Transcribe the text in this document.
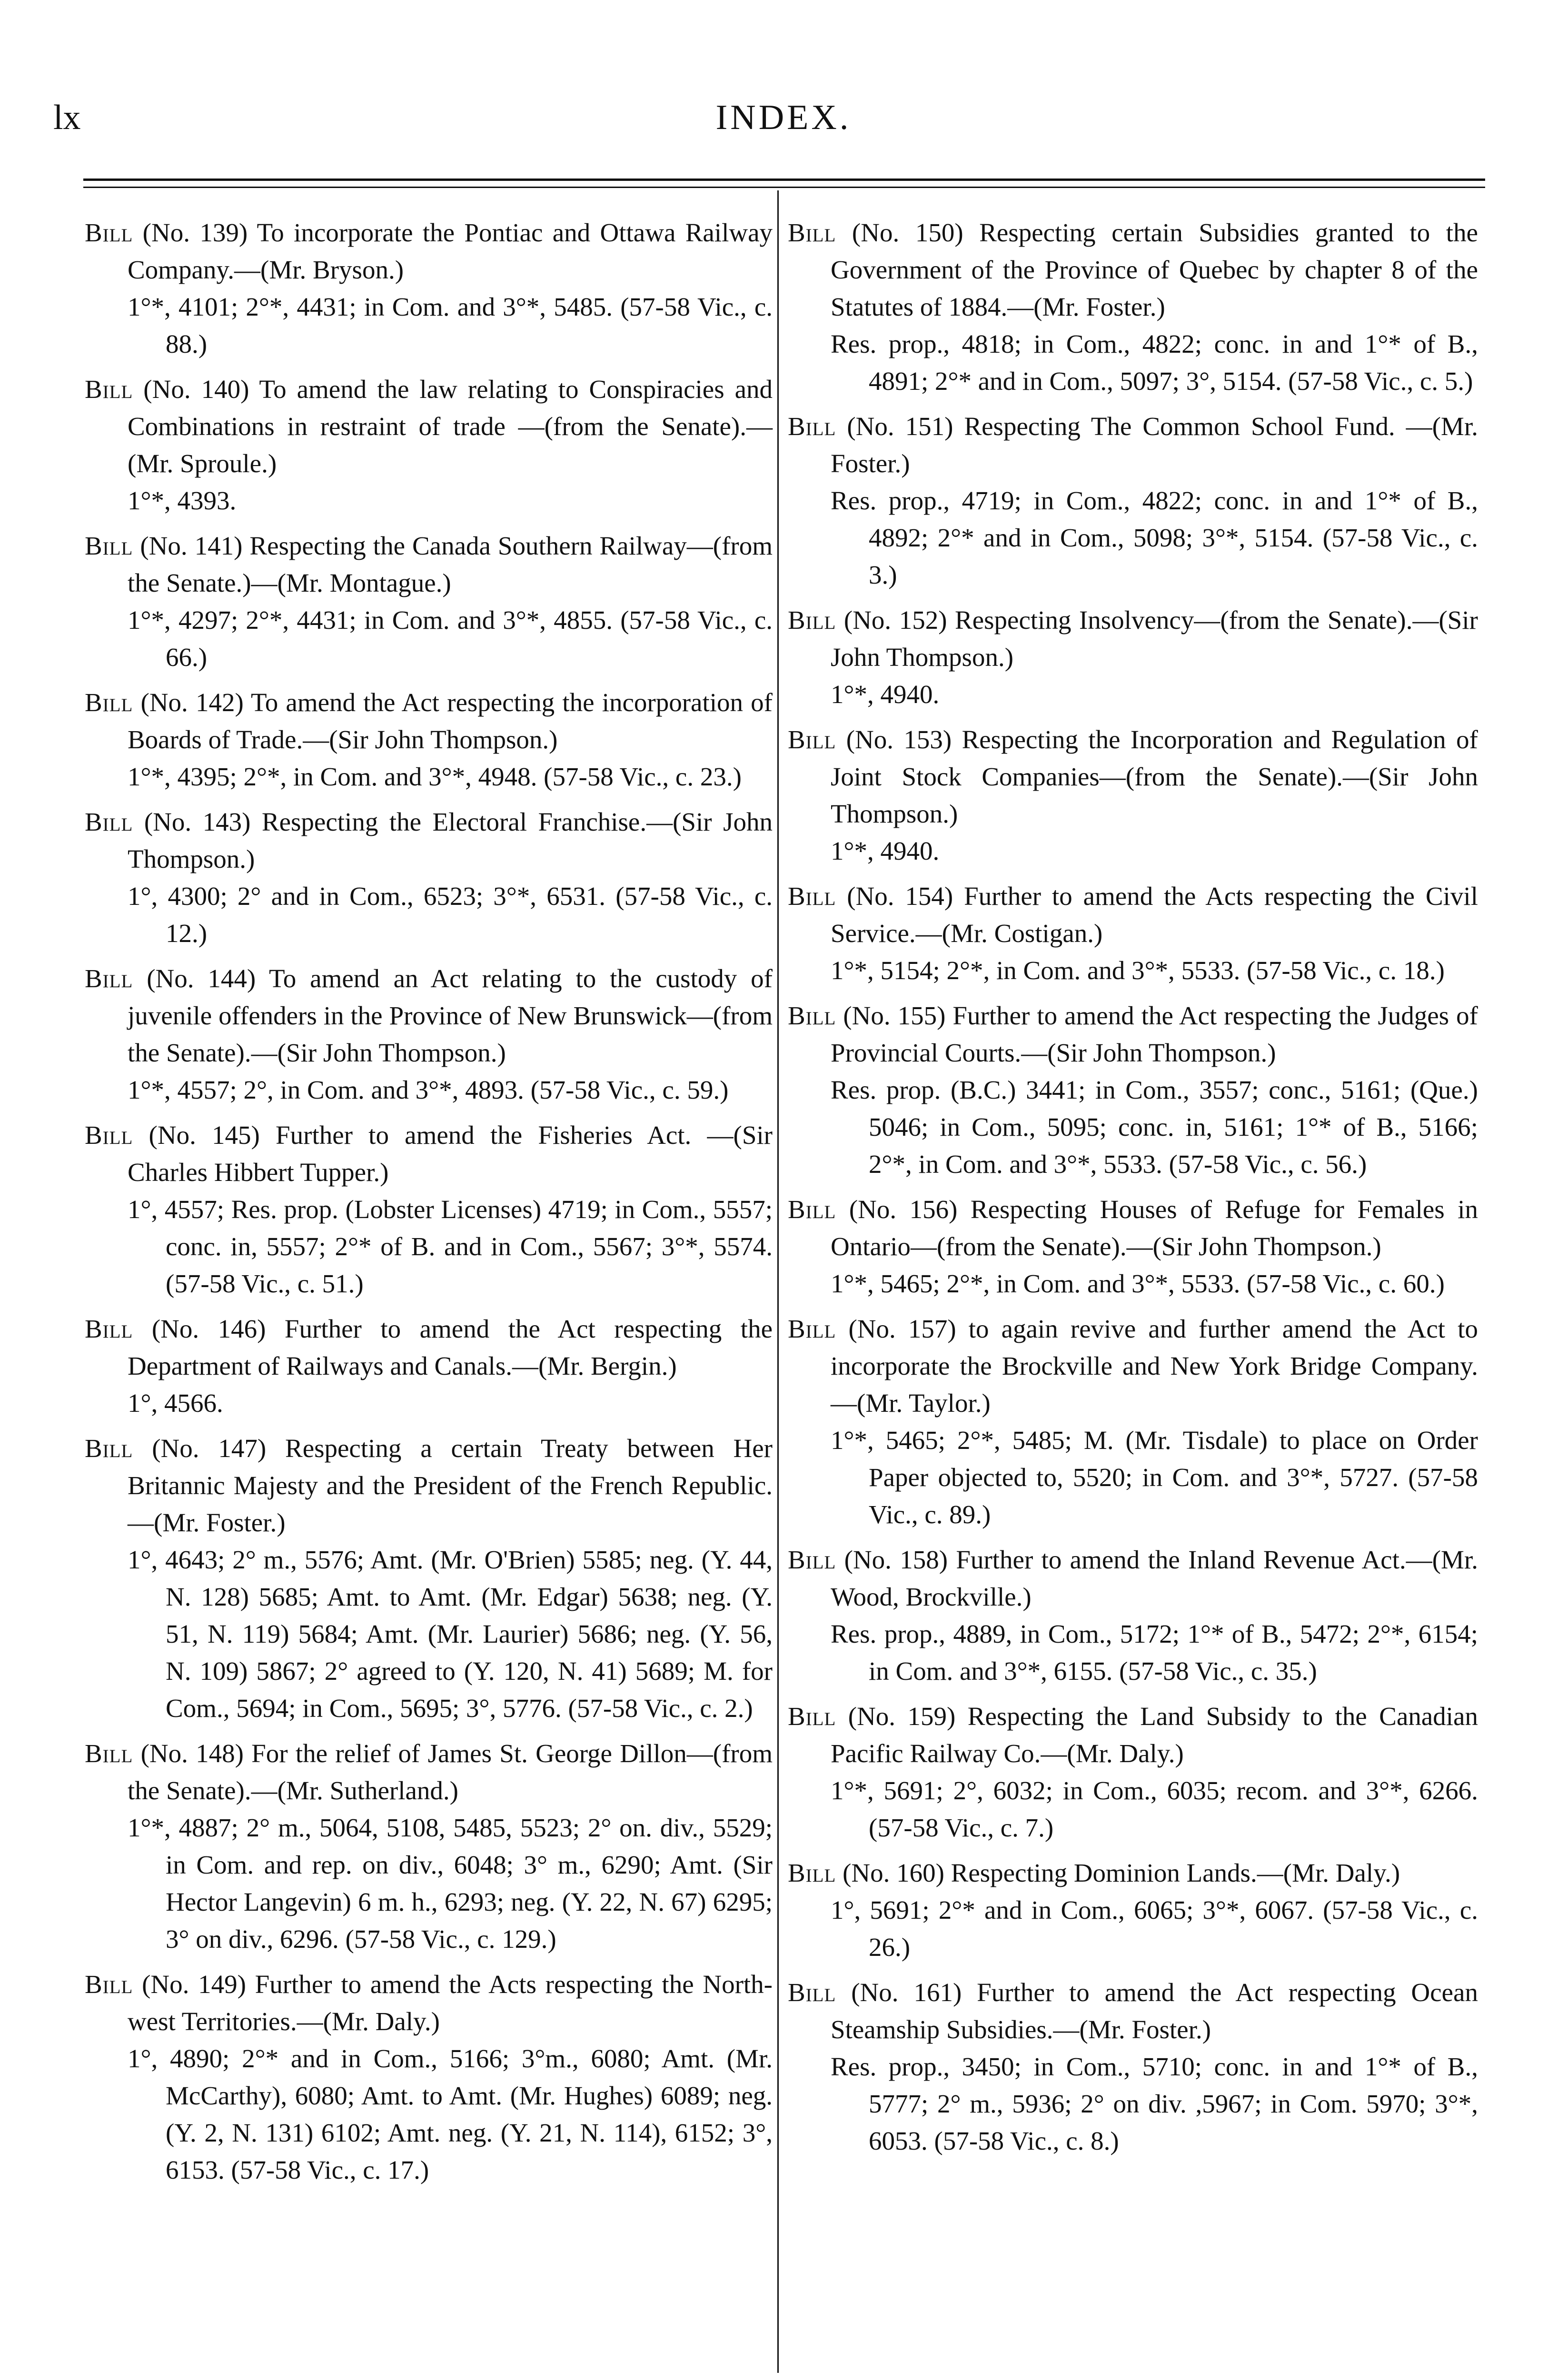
lx	INDEX.
Bill (No. 139) To incorporate the Pontiac and Ottawa Railway Company.—(Mr. Bryson.)
1°*, 4101; 2°*, 4431; in Com. and 3°*, 5485. (57-58 Vic., c. 88.)
Bill (No. 140) To amend the law relating to Conspiracies and Combinations in restraint of trade —(from the Senate).—(Mr. Sproule.)
1°*, 4393.
Bill (No. 141) Respecting the Canada Southern Railway—(from the Senate.)—(Mr. Montague.)
1°*, 4297; 2°*, 4431; in Com. and 3°*, 4855. (57-58 Vic., c. 66.)
Bill (No. 142) To amend the Act respecting the incorporation of Boards of Trade.—(Sir John Thompson.)
1°*, 4395; 2°*, in Com. and 3°*, 4948. (57-58 Vic., c. 23.)
Bill (No. 143) Respecting the Electoral Franchise.—(Sir John Thompson.)
1°, 4300; 2° and in Com., 6523; 3°*, 6531. (57-58 Vic., c. 12.)
Bill (No. 144) To amend an Act relating to the custody of juvenile offenders in the Province of New Brunswick—(from the Senate).—(Sir John Thompson.)
1°*, 4557; 2°, in Com. and 3°*, 4893. (57-58 Vic., c. 59.)
Bill (No. 145) Further to amend the Fisheries Act. —(Sir Charles Hibbert Tupper.)
1°, 4557; Res. prop. (Lobster Licenses) 4719; in Com., 5557; conc. in, 5557; 2°* of B. and in Com., 5567; 3°*, 5574. (57-58 Vic., c. 51.)
Bill (No. 146) Further to amend the Act respecting the Department of Railways and Canals.—(Mr. Bergin.)
1°, 4566.
Bill (No. 147) Respecting a certain Treaty between Her Britannic Majesty and the President of the French Republic.—(Mr. Foster.)
1°, 4643; 2° m., 5576; Amt. (Mr. O'Brien) 5585; neg. (Y. 44, N. 128) 5685; Amt. to Amt. (Mr. Edgar) 5638; neg. (Y. 51, N. 119) 5684; Amt. (Mr. Laurier) 5686; neg. (Y. 56, N. 109) 5867; 2° agreed to (Y. 120, N. 41) 5689; M. for Com., 5694; in Com., 5695; 3°, 5776. (57-58 Vic., c. 2.)
Bill (No. 148) For the relief of James St. George Dillon—(from the Senate).—(Mr. Sutherland.)
1°*, 4887; 2° m., 5064, 5108, 5485, 5523; 2° on. div., 5529; in Com. and rep. on div., 6048; 3° m., 6290; Amt. (Sir Hector Langevin) 6 m. h., 6293; neg. (Y. 22, N. 67) 6295; 3° on div., 6296. (57-58 Vic., c. 129.)
Bill (No. 149) Further to amend the Acts respecting the North-west Territories.—(Mr. Daly.)
1°, 4890; 2°* and in Com., 5166; 3°m., 6080; Amt. (Mr. McCarthy), 6080; Amt. to Amt. (Mr. Hughes) 6089; neg. (Y. 2, N. 131) 6102; Amt. neg. (Y. 21, N. 114), 6152; 3°, 6153. (57-58 Vic., c. 17.)
Bill (No. 150) Respecting certain Subsidies granted to the Government of the Province of Quebec by chapter 8 of the Statutes of 1884.—(Mr. Foster.)
Res. prop., 4818; in Com., 4822; conc. in and 1°* of B., 4891; 2°* and in Com., 5097; 3°, 5154. (57-58 Vic., c. 5.)
Bill (No. 151) Respecting The Common School Fund. —(Mr. Foster.)
Res. prop., 4719; in Com., 4822; conc. in and 1°* of B., 4892; 2°* and in Com., 5098; 3°*, 5154. (57-58 Vic., c. 3.)
Bill (No. 152) Respecting Insolvency—(from the Senate).—(Sir John Thompson.)
1°*, 4940.
Bill (No. 153) Respecting the Incorporation and Regulation of Joint Stock Companies—(from the Senate).—(Sir John Thompson.)
1°*, 4940.
Bill (No. 154) Further to amend the Acts respecting the Civil Service.—(Mr. Costigan.)
1°*, 5154; 2°*, in Com. and 3°*, 5533. (57-58 Vic., c. 18.)
Bill (No. 155) Further to amend the Act respecting the Judges of Provincial Courts.—(Sir John Thompson.)
Res. prop. (B.C.) 3441; in Com., 3557; conc., 5161; (Que.) 5046; in Com., 5095; conc. in, 5161; 1°* of B., 5166; 2°*, in Com. and 3°*, 5533. (57-58 Vic., c. 56.)
Bill (No. 156) Respecting Houses of Refuge for Females in Ontario—(from the Senate).—(Sir John Thompson.)
1°*, 5465; 2°*, in Com. and 3°*, 5533. (57-58 Vic., c. 60.)
Bill (No. 157) to again revive and further amend the Act to incorporate the Brockville and New York Bridge Company.—(Mr. Taylor.)
1°*, 5465; 2°*, 5485; M. (Mr. Tisdale) to place on Order Paper objected to, 5520; in Com. and 3°*, 5727. (57-58 Vic., c. 89.)
Bill (No. 158) Further to amend the Inland Revenue Act.—(Mr. Wood, Brockville.)
Res. prop., 4889, in Com., 5172; 1°* of B., 5472; 2°*, 6154; in Com. and 3°*, 6155. (57-58 Vic., c. 35.)
Bill (No. 159) Respecting the Land Subsidy to the Canadian Pacific Railway Co.—(Mr. Daly.)
1°*, 5691; 2°, 6032; in Com., 6035; recom. and 3°*, 6266. (57-58 Vic., c. 7.)
Bill (No. 160) Respecting Dominion Lands.—(Mr. Daly.)
1°, 5691; 2°* and in Com., 6065; 3°*, 6067. (57-58 Vic., c. 26.)
Bill (No. 161) Further to amend the Act respecting Ocean Steamship Subsidies.—(Mr. Foster.)
Res. prop., 3450; in Com., 5710; conc. in and 1°* of B., 5777; 2° m., 5936; 2° on div. ,5967; in Com. 5970; 3°*, 6053. (57-58 Vic., c. 8.)
